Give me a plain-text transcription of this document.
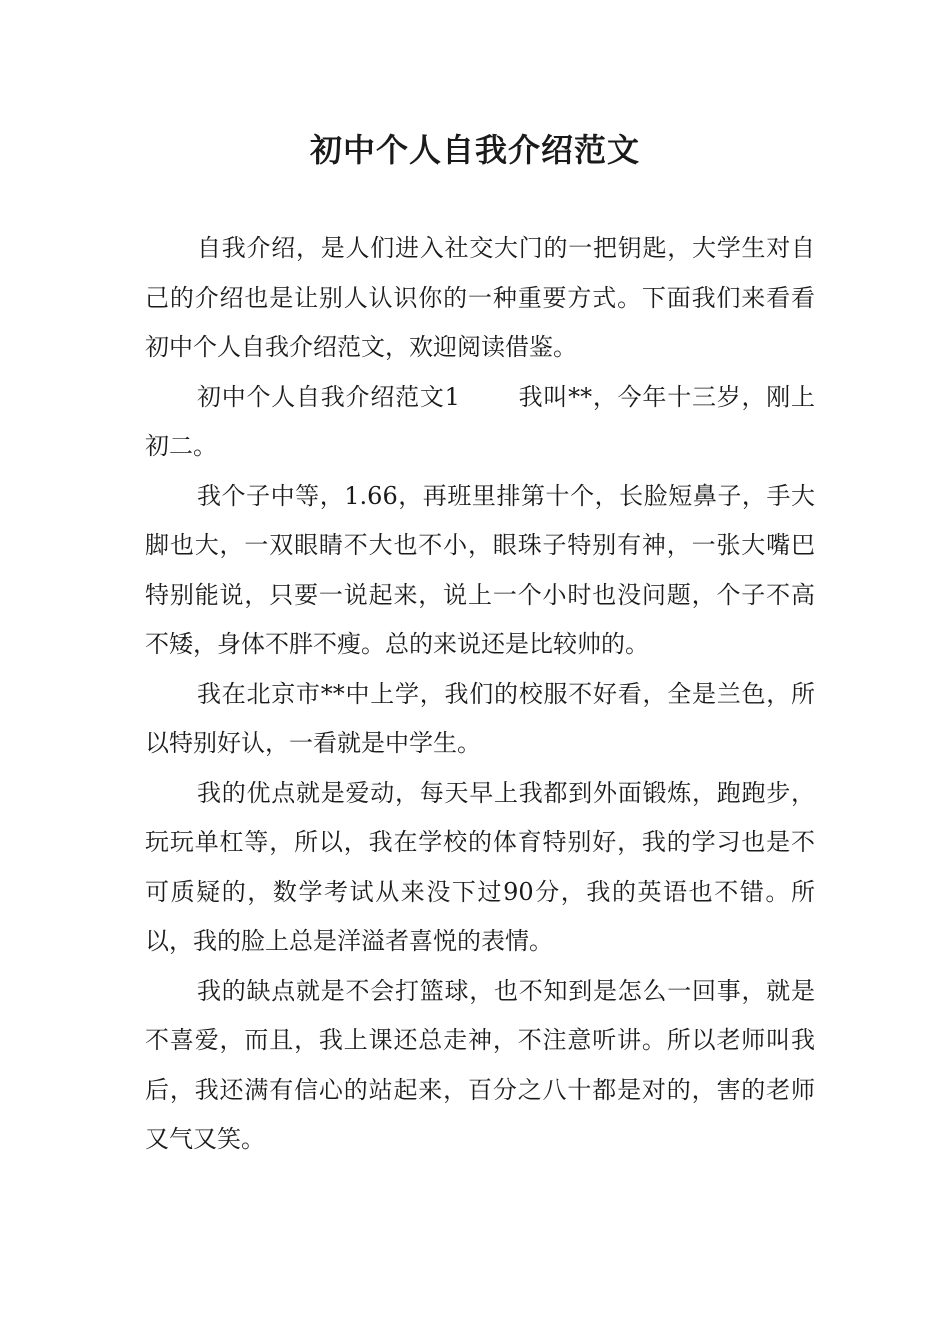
初中个人自我介绍范文

自我介绍，是人们进入社交大门的一把钥匙，大学生对自己的介绍也是让别人认识你的一种重要方式。下面我们来看看初中个人自我介绍范文，欢迎阅读借鉴。

初中个人自我介绍范文1 我叫**，今年十三岁，刚上初二。

我个子中等，1.66，再班里排第十个，长脸短鼻子，手大脚也大，一双眼睛不大也不小，眼珠子特别有神，一张大嘴巴特别能说，只要一说起来，说上一个小时也没问题，个子不高不矮，身体不胖不瘦。总的来说还是比较帅的。

我在北京市**中上学，我们的校服不好看，全是兰色，所以特别好认，一看就是中学生。

我的优点就是爱动，每天早上我都到外面锻炼，跑跑步，玩玩单杠等，所以，我在学校的体育特别好，我的学习也是不可质疑的，数学考试从来没下过90分，我的英语也不错。所以，我的脸上总是洋溢者喜悦的表情。

我的缺点就是不会打篮球，也不知到是怎么一回事，就是不喜爱，而且，我上课还总走神，不注意听讲。所以老师叫我后，我还满有信心的站起来，百分之八十都是对的，害的老师又气又笑。
